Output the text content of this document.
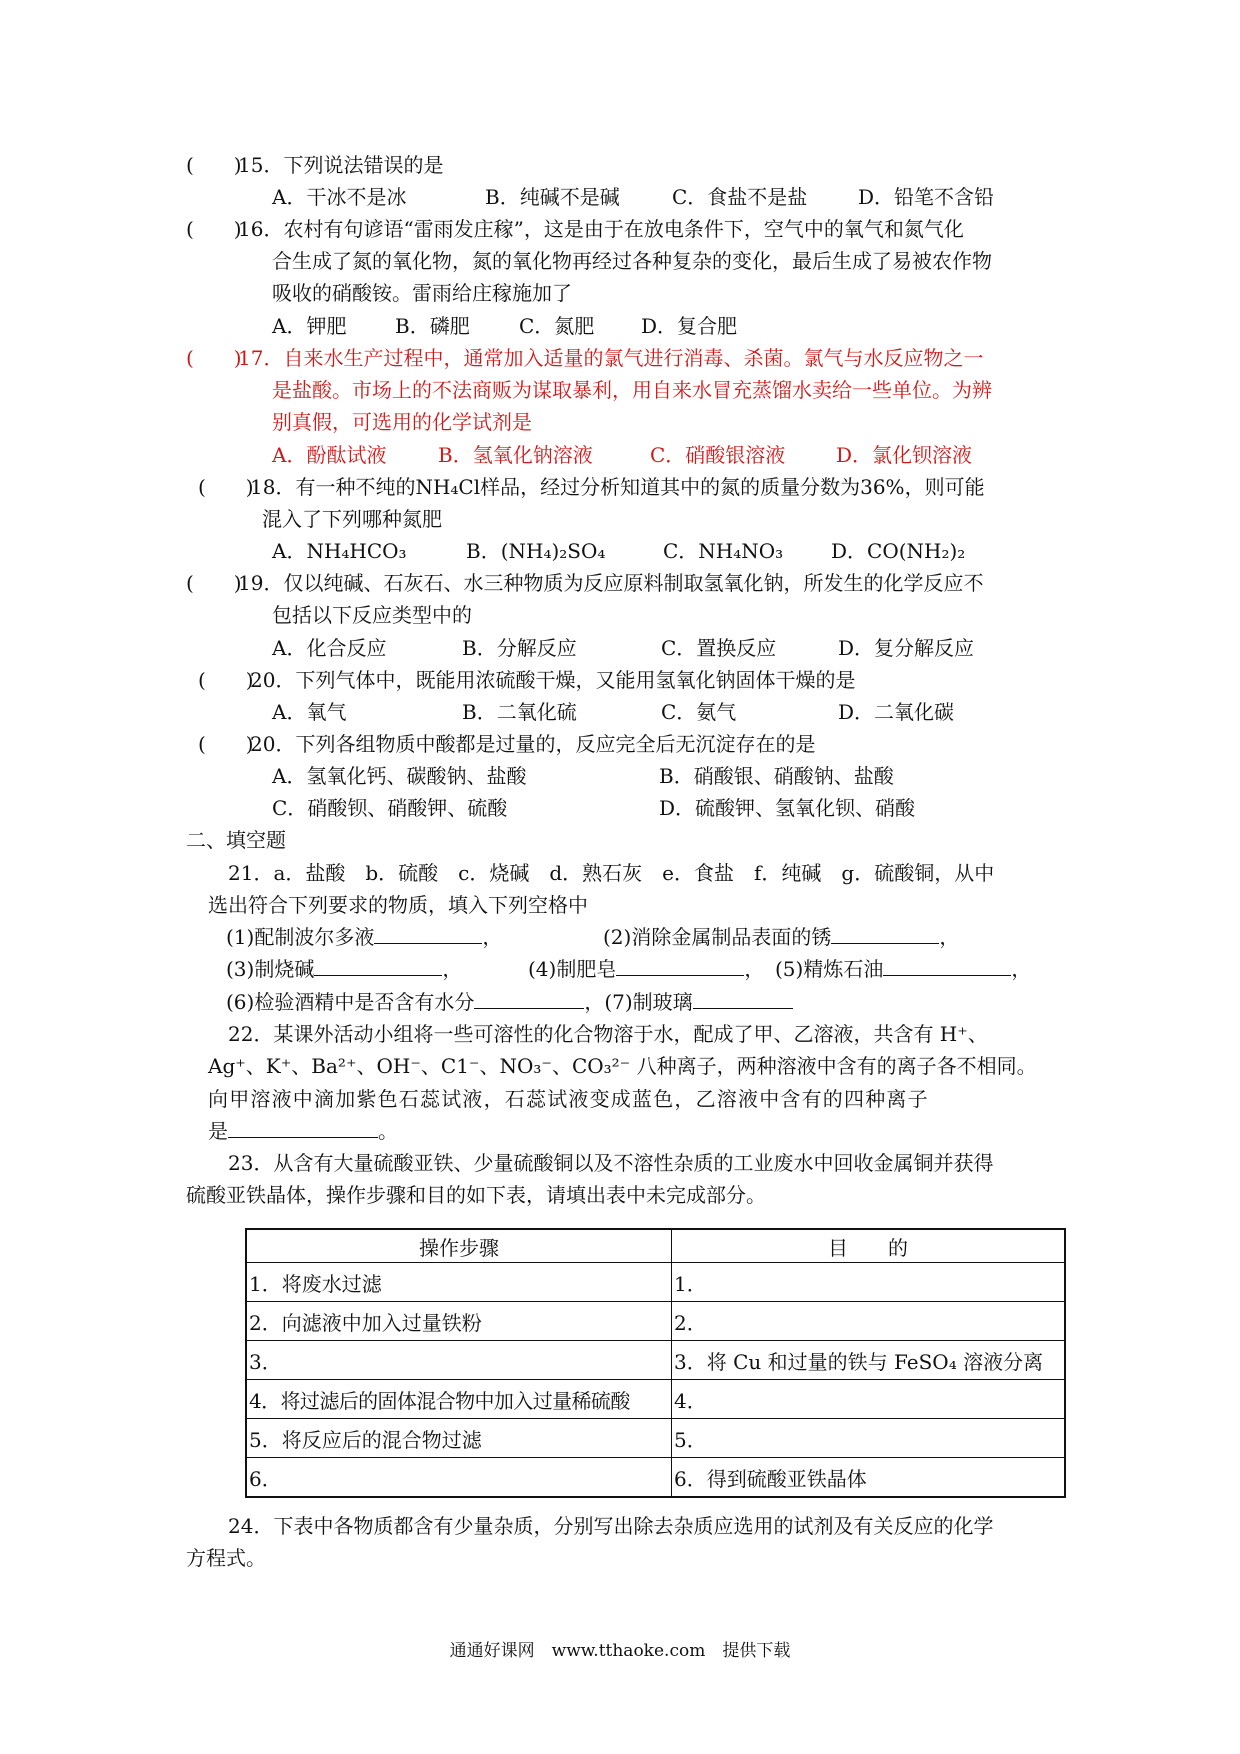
(　　)
15．下列说法错误的是
A．干冰不是冰	B．纯碱不是碱	C．食盐不是盐	D．铅笔不含铅
(　　)
16．农村有句谚语“雷雨发庄稼”，这是由于在放电条件下，空气中的氧气和氮气化
合生成了氮的氧化物，氮的氧化物再经过各种复杂的变化，最后生成了易被农作物
吸收的硝酸铵。雷雨给庄稼施加了
A．钾肥 B．磷肥 C．氮肥 D．复合肥
(　　)
17．自来水生产过程中，通常加入适量的氯气进行消毒、杀菌。氯气与水反应物之一
是盐酸。市场上的不法商贩为谋取暴利，用自来水冒充蒸馏水卖给一些单位。为辨
别真假，可选用的化学试剂是
A．酚酞试液	B．氢氧化钠溶液	C．硝酸银溶液	D．氯化钡溶液
(　　)
18．有一种不纯的NH₄Cl样品，经过分析知道其中的氮的质量分数为36%，则可能
混入了下列哪种氮肥
A．NH₄HCO₃	B．(NH₄)₂SO₄	C．NH₄NO₃ D．CO(NH₂)₂
(　　)
19．仅以纯碱、石灰石、水三种物质为反应原料制取氢氧化钠，所发生的化学反应不
包括以下反应类型中的
A．化合反应	B．分解反应	C．置换反应	D．复分解反应
(　　)
20．下列气体中，既能用浓硫酸干燥，又能用氢氧化钠固体干燥的是
A．氧气	B．二氧化硫	C．氨气	D．二氧化碳
(　　)
20．下列各组物质中酸都是过量的，反应完全后无沉淀存在的是
A．氢氧化钙、碳酸钠、盐酸	B．硝酸银、硝酸钠、盐酸
C．硝酸钡、硝酸钾、硫酸	D．硫酸钾、氢氧化钡、硝酸
二、填空题
21．a．盐酸　b．硫酸　c．烧碱　d．熟石灰　e．食盐　f．纯碱　g．硫酸铜，从中
选出符合下列要求的物质，填入下列空格中
(1)配制波尔多液	，	(2)消除金属制品表面的锈	，
(3)制烧碱	，	(4)制肥皂	， (5)精炼石油	，
(6)检验酒精中是否含有水分	，(7)制玻璃
22．某课外活动小组将一些可溶性的化合物溶于水，配成了甲、乙溶液，共含有 H⁺、
Ag⁺、K⁺、Ba²⁺、OH⁻、C1⁻、NO₃⁻、CO₃²⁻ 八种离子，两种溶液中含有的离子各不相同。
向甲溶液中滴加紫色石蕊试液，石蕊试液变成蓝色，乙溶液中含有的四种离子
是	。
23．从含有大量硫酸亚铁、少量硫酸铜以及不溶性杂质的工业废水中回收金属铜并获得
硫酸亚铁晶体，操作步骤和目的如下表，请填出表中未完成部分。
操作步骤	目　　的
1．将废水过滤	1．
2．向滤液中加入过量铁粉	2．
3．	3．将 Cu 和过量的铁与 FeSO₄ 溶液分离
4．将过滤后的固体混合物中加入过量稀硫酸	4．
5．将反应后的混合物过滤	5．
6．	6．得到硫酸亚铁晶体
24．下表中各物质都含有少量杂质，分别写出除去杂质应选用的试剂及有关反应的化学
方程式。
通通好课网　www.tthaoke.com　提供下载
